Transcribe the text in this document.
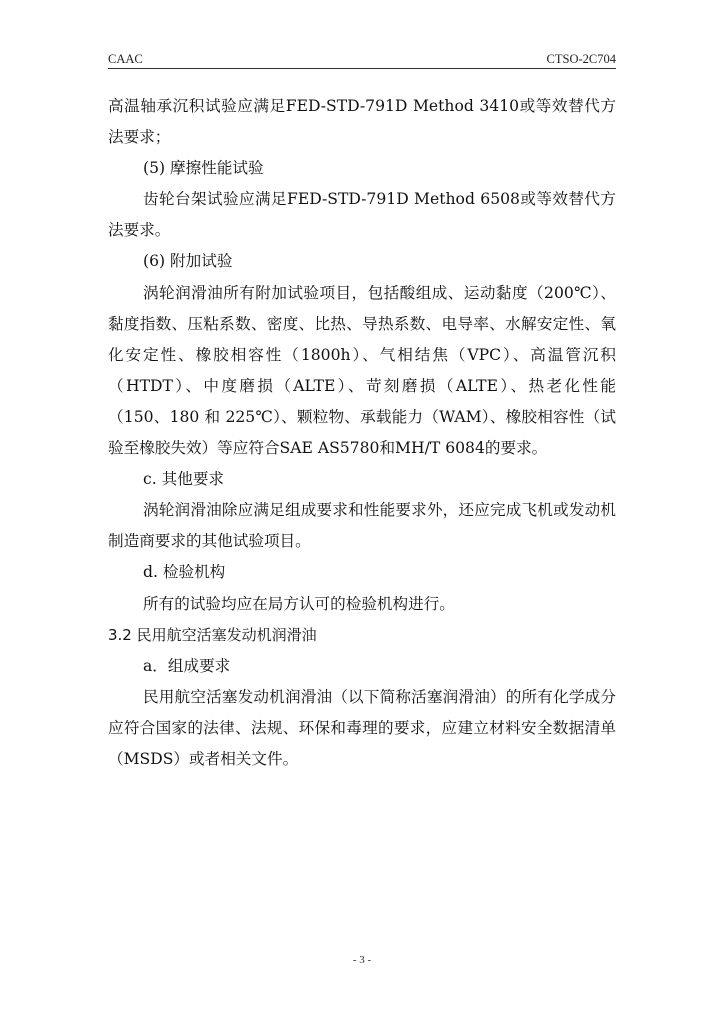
CAAC	CTSO-2C704

高温轴承沉积试验应满足FED-STD-791D Method 3410或等效替代方法要求；

(5) 摩擦性能试验

齿轮台架试验应满足FED-STD-791D Method 6508或等效替代方法要求。

(6) 附加试验

涡轮润滑油所有附加试验项目，包括酸组成、运动黏度（200℃）、黏度指数、压粘系数、密度、比热、导热系数、电导率、水解安定性、氧化安定性、橡胶相容性（1800h）、气相结焦（VPC）、高温管沉积（HTDT）、中度磨损（ALTE）、苛刻磨损（ALTE）、热老化性能（150、180 和 225℃）、颗粒物、承载能力（WAM）、橡胶相容性（试验至橡胶失效）等应符合SAE AS5780和MH/T 6084的要求。

c. 其他要求

涡轮润滑油除应满足组成要求和性能要求外，还应完成飞机或发动机制造商要求的其他试验项目。

d. 检验机构

所有的试验均应在局方认可的检验机构进行。

3.2 民用航空活塞发动机润滑油

a．组成要求

民用航空活塞发动机润滑油（以下简称活塞润滑油）的所有化学成分应符合国家的法律、法规、环保和毒理的要求，应建立材料安全数据清单（MSDS）或者相关文件。

- 3 -
